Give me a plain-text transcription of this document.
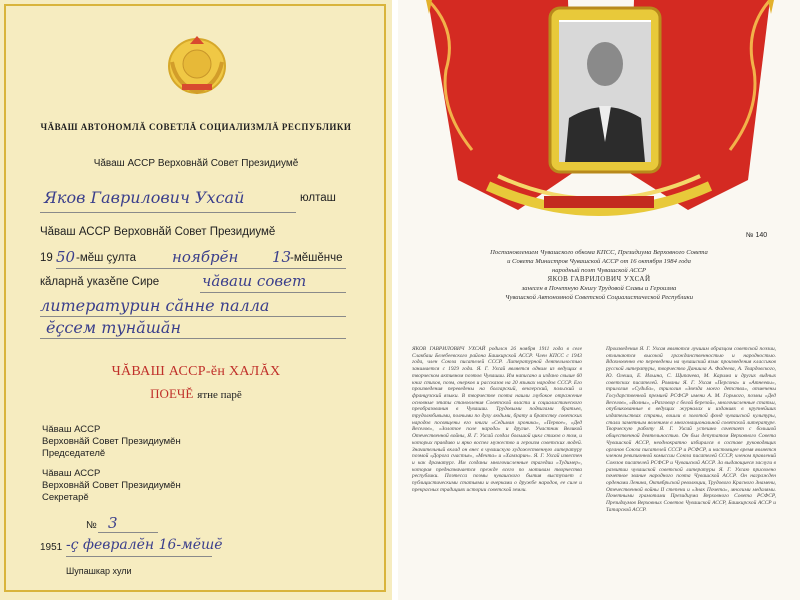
ЧĂВАШ АВТОНОМЛĂ СОВЕТЛĂ СОЦИАЛИЗМЛĂ РЕСПУБЛИКИ
Чăваш АССР Верховнăй Совет Президиумĕ
Яков Гаврилович Ухсай	юлташ
Чăваш АССР Верховнăй Совет Президиумĕ
19 50 -мĕш çулта ноябрĕн 13
-мĕшĕнче
кăларнă указĕпе Сире	чăваш совет
литературин сăнне палла
ĕçсем тунăшăн
ЧĂВАШ АССР-ĕн ХАЛĂХ
ПОЕЧĔ ятне парĕ
Чăваш АССР
Верховнăй Совет Президиумĕн
Председателĕ
Чăваш АССР
Верховнăй Совет Президиумĕн
Секретарĕ
№ 3
1951 -ç февралĕн 16-мĕшĕ
Шупашкар хули
№ 140
Постановлением Чувашского обкома КПСС, Президиума Верховного Совета
и Совета Министров Чувашской АССР от 16 октября 1984 года
народный поэт Чувашской АССР
ЯКОВ ГАВРИЛОВИЧ УХСАЙ
занесен в Почетную Книгу Трудовой Славы и Героизма
Чувашской Автономной Советской Социалистической Республики
ЯКОВ ГАВРИЛОВИЧ УХСАЙ родился 26 ноября 1911 года в селе Слакбаш Белебеевского района Башкирской АССР. Член КПСС с 1943 года, член Союза писателей СССР. Литературной деятельностью занимается с 1929 года. Я. Г. Ухсай является одним из ведущих в творческом активном поэтов Чувашии. Им написано и издано свыше 60 книг стихов, поэм, очерков и рассказов на 20 языках народов СССР. Его произведения переведены на болгарский, венгерский, польский и французский языки. В творчестве поэта нашли глубокое отражение основные этапы становления Советской власти и социалистического преобразования в Чувашии. Трудовыми подвигами братьев, трудолюбивыми, полными по духу людьми, брату и братству советских народов посвящены его книги «Седьмая хроника», «Первое», «Дед Веселов», «Золотое поле народа» и другие. Участник Великой Отечественной войны, Я. Г. Ухсай создал большой цикл стихов о том, и которых правдиво и ярко воспел мужество и героизм советских людей. Значительный вклад он внес в чувашскую художественную литературу поэмой «Дорога счастья», «Мечта» и «Хамзарин». Я. Г. Ухсай известен и как драматург. Им созданы многочисленные трагедии «Тудимер», которая предназначается прежде всего по мотивам творчества республики. Поэтесса поэмы чувашского бытия выступает с публицистическими статьями и очерками о дружбе народов, ее силе и прекрасных традициях истории советской земли.
Произведения Я. Г. Ухсая являются лучшим образцом советской поэзии, отличаются высокой гражданственностью и народностью. Вдохновенно ею переведены на чувашский язык произведения классиков русской литературы, творчество Даниила А. Фадеева, А. Твардовского, Ю. Олеши, Е. Ильина, С. Щипачева, М. Карима и других видных советских писателей. Романы Я. Г. Ухсая «Персона» и «Атнеевы», трилогия «Судьба», трилогия «Звезда моего детства», отмечены Государственной премией РСФСР имени А. М. Горького, поэмы «Дед Веселов», «Волны», «Разговор с белой березой», многочисленные статьи, опубликованные в ведущих журналах и изданиях в крупнейших издательствах страны, вошли в золотой фонд чувашской культуры, стали заметным явлением в многонациональной советской литературе. Творческую работу Я. Г. Ухсай успешно сочетает с большой общественной деятельностью. Он был депутатом Верховного Совета Чувашской АССР, неоднократно избирался в составе руководящих органов Союза писателей СССР и РСФСР, и настоящее время является членом ревизионной комиссии Союза писателей СССР, членом правлений Союзов писателей РСФСР и Чувашской АССР. За выдающиеся заслуги в развитии чувашской советской литературы Я. Г. Ухсаю присвоено почетное звание народного поэта Чувашской АССР. Он награжден орденами Ленина, Октябрьской революции, Трудового Красного Знамени, Отечественной войны II степени и «Знак Почета», многими медалями. Почетными грамотами Президиума Верховного Совета РСФСР, Президиумов Верховных Советов Чувашской АССР, Башкирской АССР и Татарской АССР.
